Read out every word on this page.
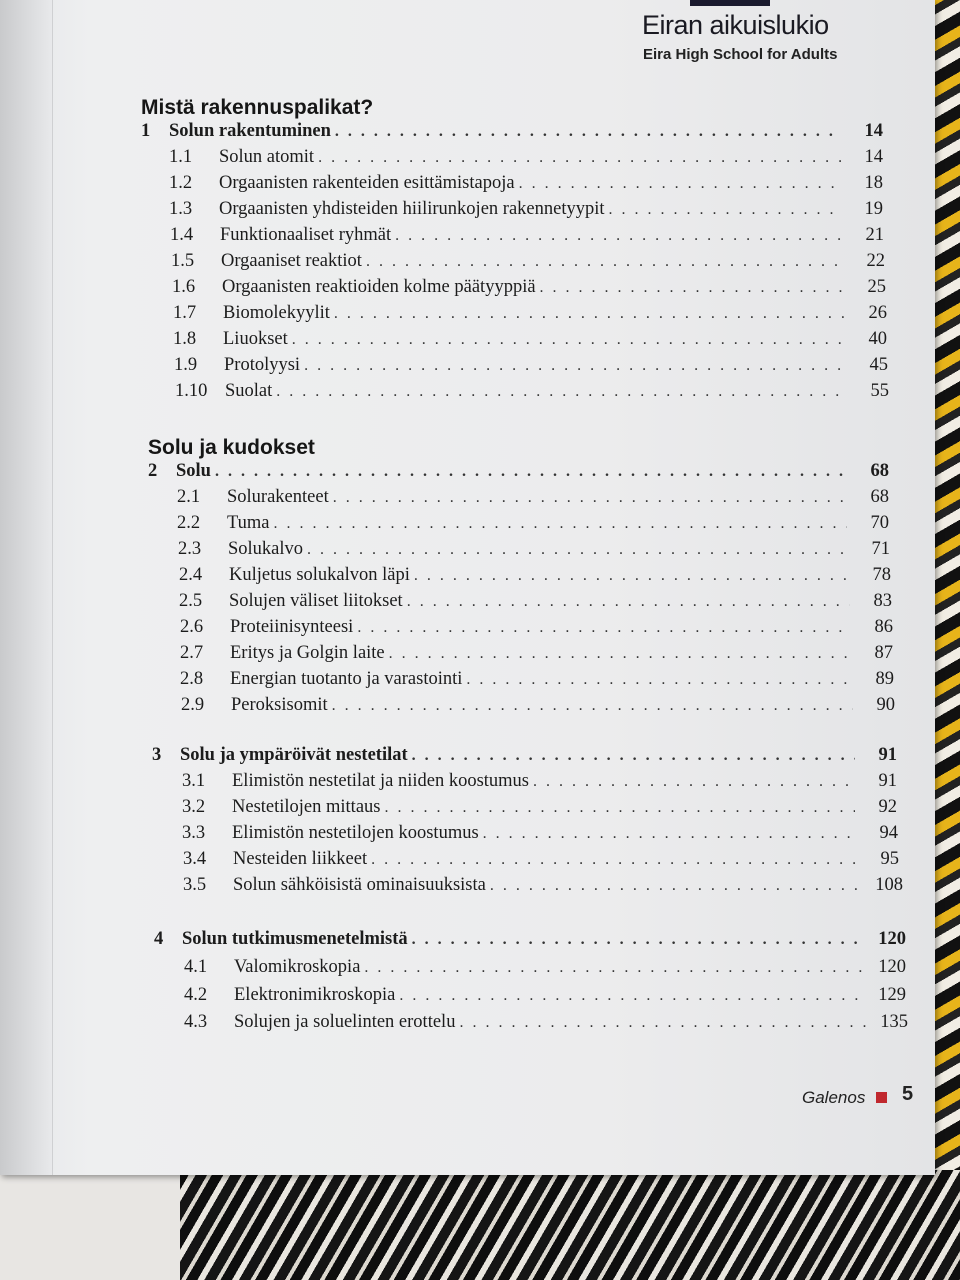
Eiran aikuislukio
Eira High School for Adults
Mistä rakennuspalikat?
1	Solun rakentuminen . . .	14
1.1	Solun atomit . . .	14
1.2	Orgaanisten rakenteiden esittämistapoja . . .	18
1.3	Orgaanisten yhdisteiden hiilirunkojen rakennetyypit . . .	19
1.4	Funktionaaliset ryhmät . . .	21
1.5	Orgaaniset reaktiot . . .	22
1.6	Orgaanisten reaktioiden kolme päätyyppiä . . .	25
1.7	Biomolekyylit . . .	26
1.8	Liuokset . . .	40
1.9	Protolyysi . . .	45
1.10 Suolat . . .	55
Solu ja kudokset
2	Solu . . .	68
2.1	Solurakenteet . . .	68
2.2	Tuma . . .	70
2.3	Solukalvo . . .	71
2.4	Kuljetus solukalvon läpi . . .	78
2.5	Solujen väliset liitokset . . .	83
2.6	Proteiinisynteesi . . .	86
2.7	Eritys ja Golgin laite . . .	87
2.8	Energian tuotanto ja varastointi . . .	89
2.9	Peroksisomit . . .	90
3	Solu ja ympäröivät nestetilat . . .	91
3.1	Elimistön nestetilat ja niiden koostumus . . .	91
3.2	Nestetilojen mittaus . . .	92
3.3	Elimistön nestetilojen koostumus . . .	94
3.4	Nesteiden liikkeet . . .	95
3.5	Solun sähköisistä ominaisuuksista . . .	108
4	Solun tutkimusmenetelmistä . . .	120
4.1	Valomikroskopia . . .	120
4.2	Elektronimikroskopia . . .	129
4.3	Solujen ja soluelinten erottelu . . .	135
Galenos 5
